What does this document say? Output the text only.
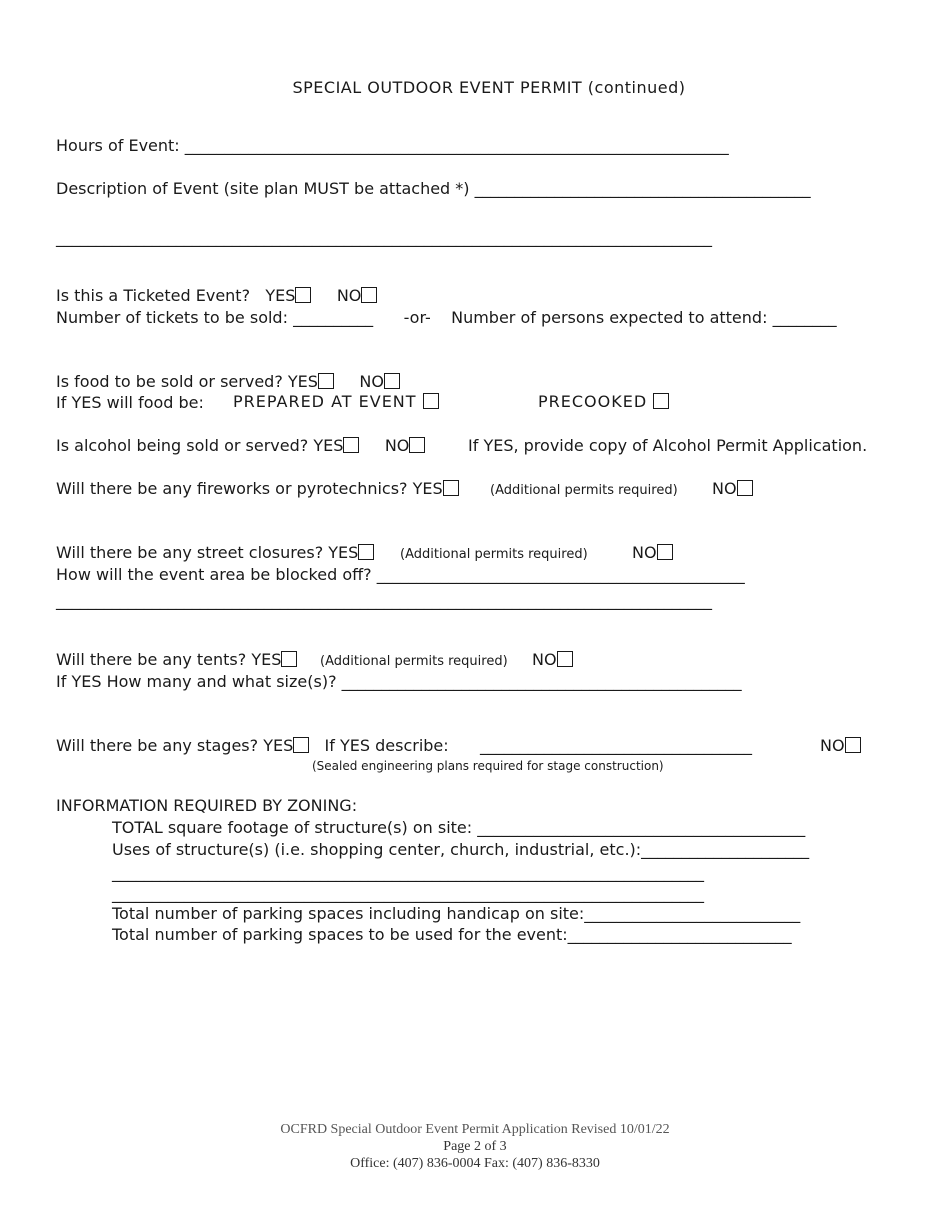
SPECIAL OUTDOOR EVENT PERMIT (continued)
Hours of Event: ____________________________________________________________________
Description of Event (site plan MUST be attached *) __________________________________________
__________________________________________________________________________________
Is this a Ticketed Event? YES	NO
Number of tickets to be sold: __________ -or- Number of persons expected to attend: ________
Is food to be sold or served? YES	NO
If YES will food be: PREPARED AT EVENT	PRECOOKED
Is alcohol being sold or served? YES	NO	If YES, provide copy of Alcohol Permit Application.
Will there be any fireworks or pyrotechnics? YES	(Additional permits required) NO
Will there be any street closures? YES	(Additional permits required)	NO
How will the event area be blocked off? ______________________________________________
__________________________________________________________________________________
Will there be any tents? YES	(Additional permits required) NO
If YES How many and what size(s)? __________________________________________________
Will there be any stages? YES If YES describe: __________________________________	NO
(Sealed engineering plans required for stage construction)
INFORMATION REQUIRED BY ZONING:
TOTAL square footage of structure(s) on site: _________________________________________
Uses of structure(s) (i.e. shopping center, church, industrial, etc.):_____________________
__________________________________________________________________________
__________________________________________________________________________
Total number of parking spaces including handicap on site:___________________________
Total number of parking spaces to be used for the event:____________________________
OCFRD Special Outdoor Event Permit Application Revised 10/01/22
Page 2 of 3
Office: (407) 836-0004 Fax: (407) 836-8330
